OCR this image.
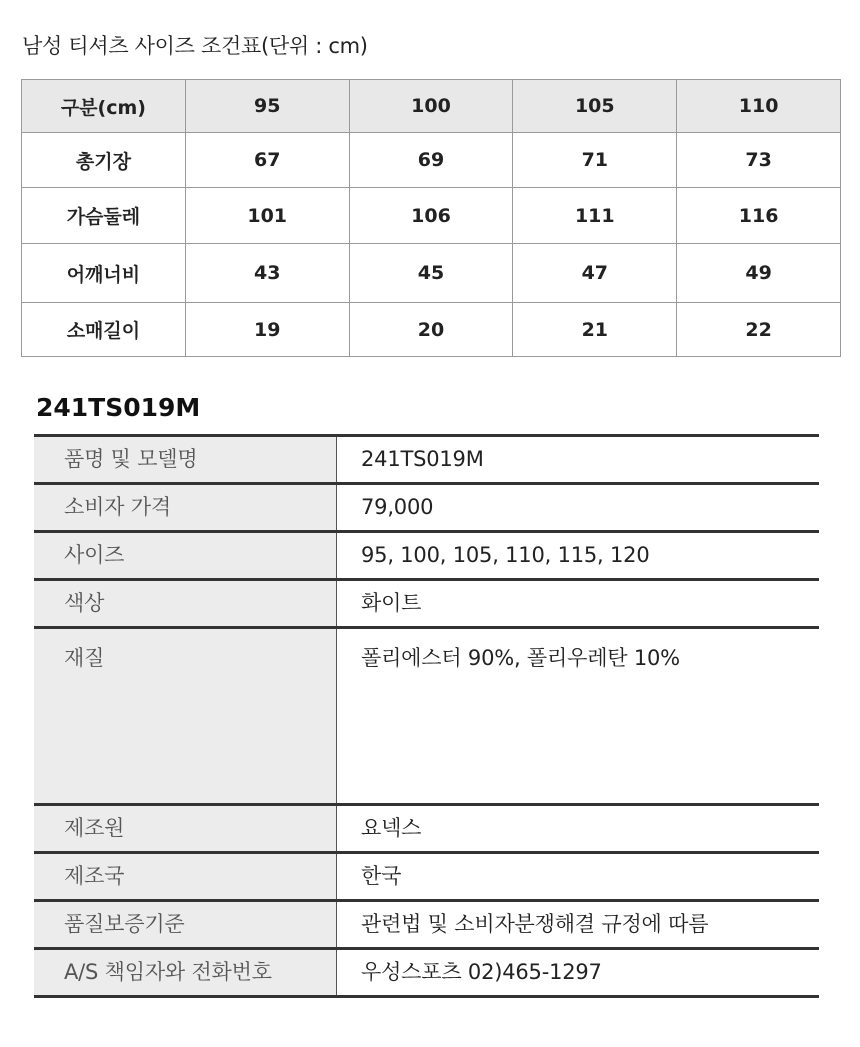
남성 티셔츠 사이즈 조건표(단위 : cm)
구분(cm)	95	100	105	110
총기장	67	69	71	73
가슴둘레	101	106	111	116
어깨너비	43	45	47	49
소매길이	19	20	21	22
241TS019M
품명 및 모델명	241TS019M
소비자 가격	79,000
사이즈	95, 100, 105, 110, 115, 120
색상	화이트
재질	폴리에스터 90%, 폴리우레탄 10%
제조원	요넥스
제조국	한국
품질보증기준	관련법 및 소비자분쟁해결 규정에 따름
A/S 책임자와 전화번호	우성스포츠 02)465-1297
